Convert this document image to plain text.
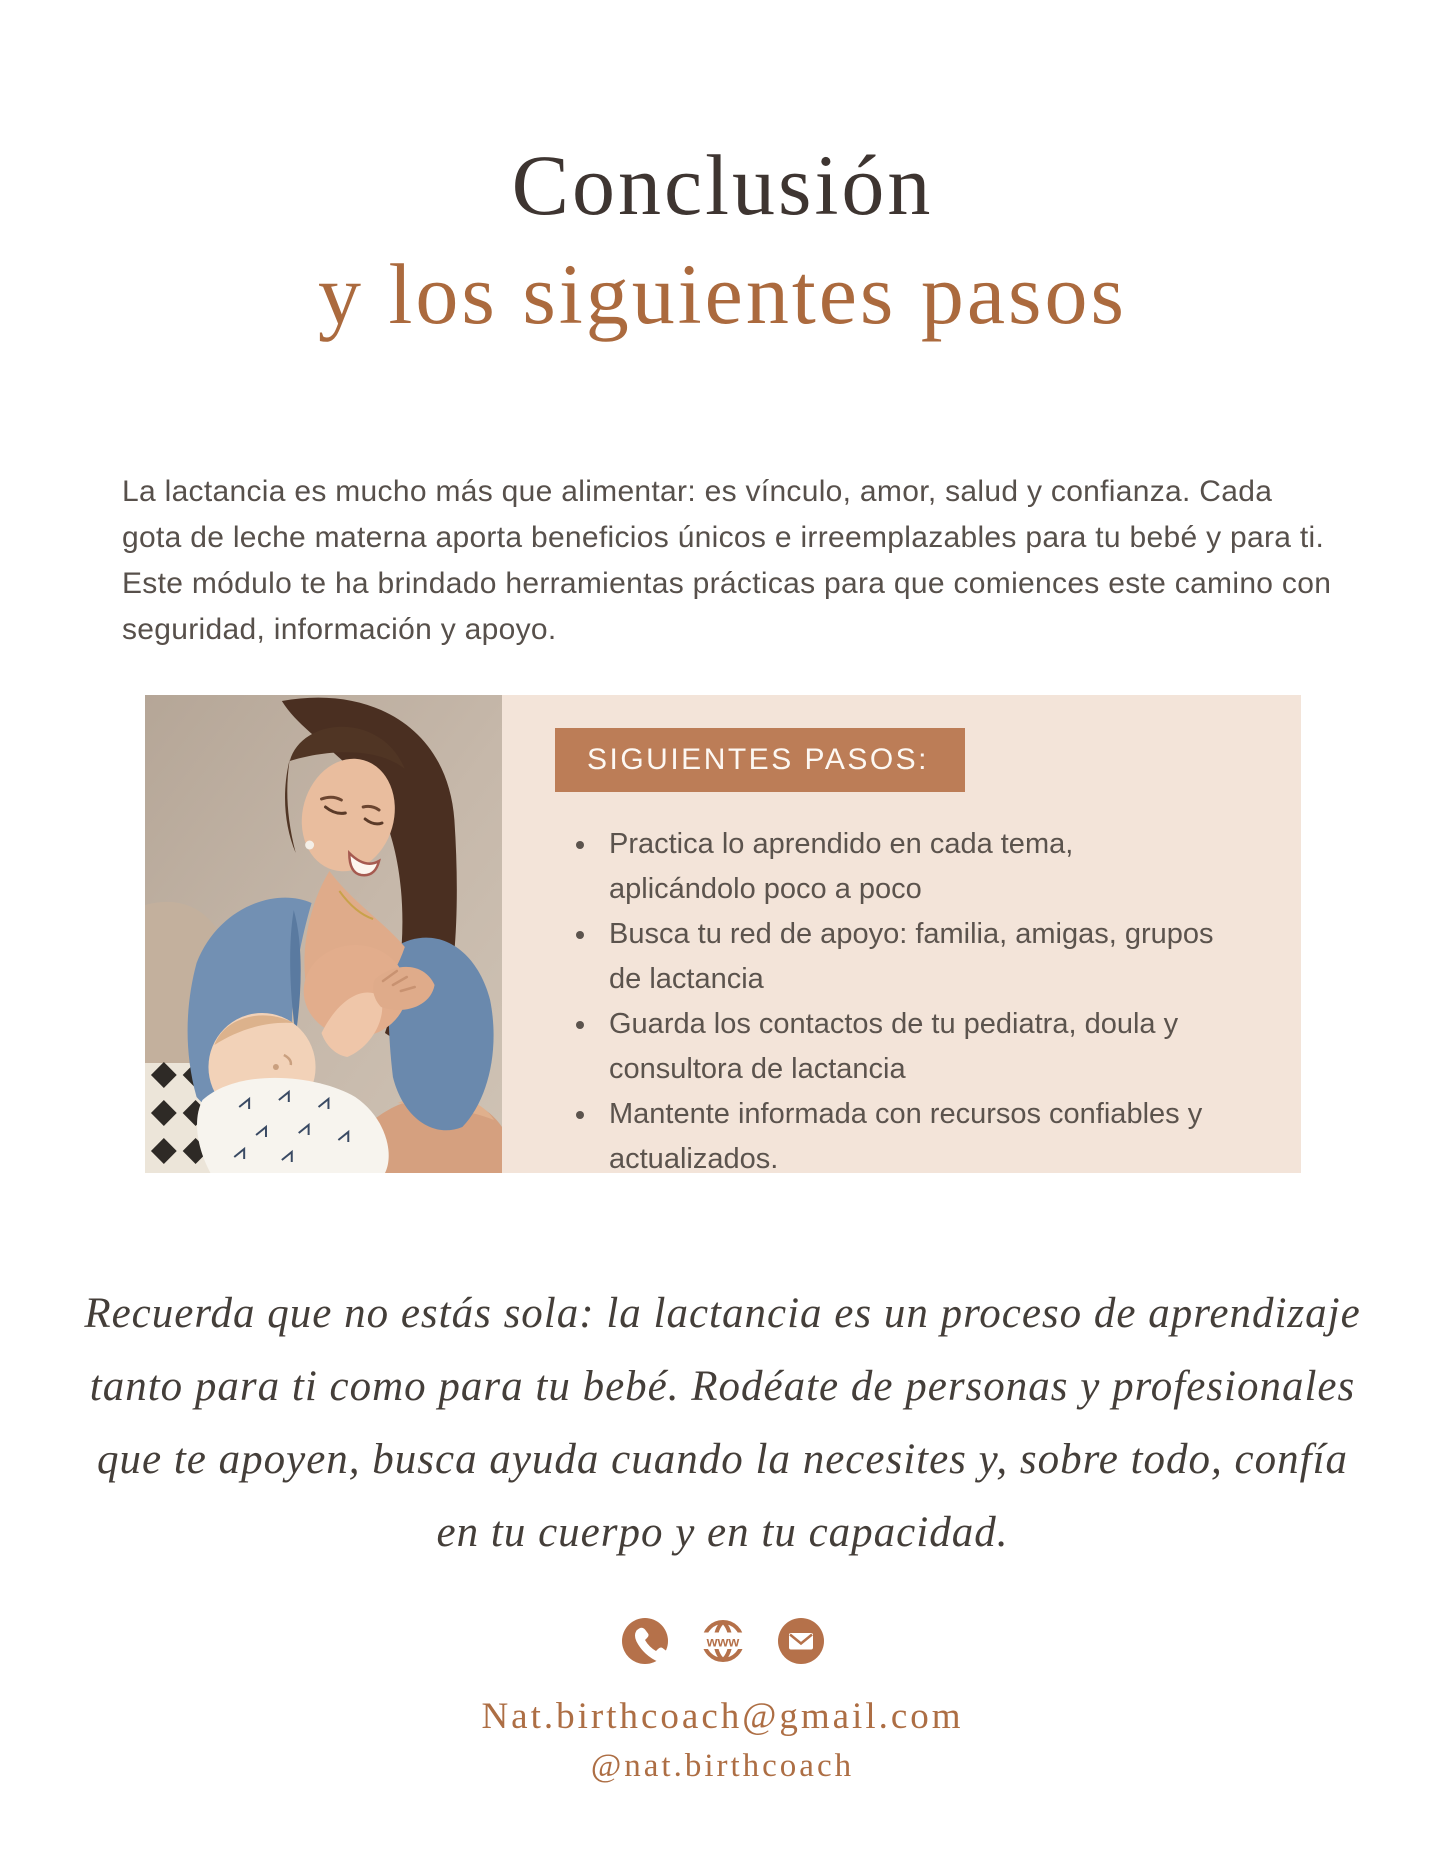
Conclusión
y los siguientes pasos

La lactancia es mucho más que alimentar: es vínculo, amor, salud y confianza. Cada gota de leche materna aporta beneficios únicos e irreemplazables para tu bebé y para ti. Este módulo te ha brindado herramientas prácticas para que comiences este camino con seguridad, información y apoyo.

SIGUIENTES PASOS:
• Practica lo aprendido en cada tema, aplicándolo poco a poco
• Busca tu red de apoyo: familia, amigas, grupos de lactancia
• Guarda los contactos de tu pediatra, doula y consultora de lactancia
• Mantente informada con recursos confiables y actualizados.
Recuerda que no estás sola: la lactancia es un proceso de aprendizaje
tanto para ti como para tu bebé. Rodéate de personas y profesionales
que te apoyen, busca ayuda cuando la necesites y, sobre todo, confía
en tu cuerpo y en tu capacidad.
www
Nat.birthcoach@gmail.com
@nat.birthcoach
